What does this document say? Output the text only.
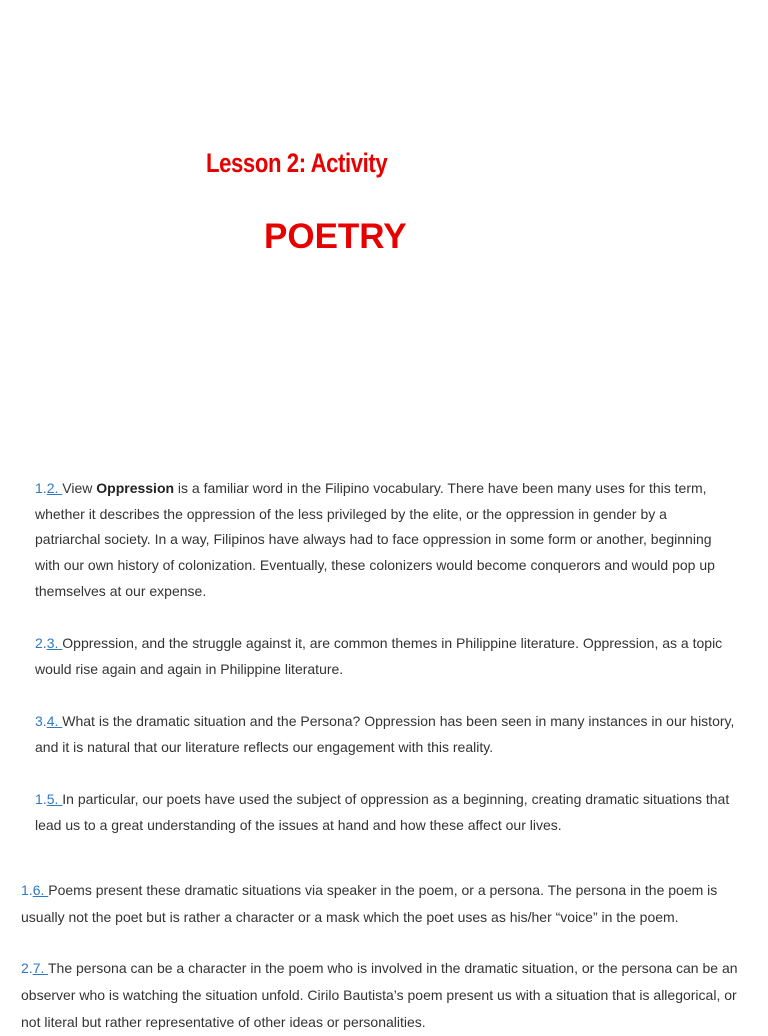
Lesson 2: Activity
POETRY

1.2. View Oppression is a familiar word in the Filipino vocabulary. There have been many uses for this term, whether it describes the oppression of the less privileged by the elite, or the oppression in gender by a patriarchal society. In a way, Filipinos have always had to face oppression in some form or another, beginning with our own history of colonization. Eventually, these colonizers would become conquerors and would pop up themselves at our expense.

2.3. Oppression, and the struggle against it, are common themes in Philippine literature. Oppression, as a topic would rise again and again in Philippine literature.

3.4. What is the dramatic situation and the Persona? Oppression has been seen in many instances in our history, and it is natural that our literature reflects our engagement with this reality.

1.5. In particular, our poets have used the subject of oppression as a beginning, creating dramatic situations that lead us to a great understanding of the issues at hand and how these affect our lives.

1.6. Poems present these dramatic situations via speaker in the poem, or a persona. The persona in the poem is usually not the poet but is rather a character or a mask which the poet uses as his/her “voice” in the poem.

2.7. The persona can be a character in the poem who is involved in the dramatic situation, or the persona can be an observer who is watching the situation unfold. Cirilo Bautista’s poem present us with a situation that is allegorical, or not literal but rather representative of other ideas or personalities.
